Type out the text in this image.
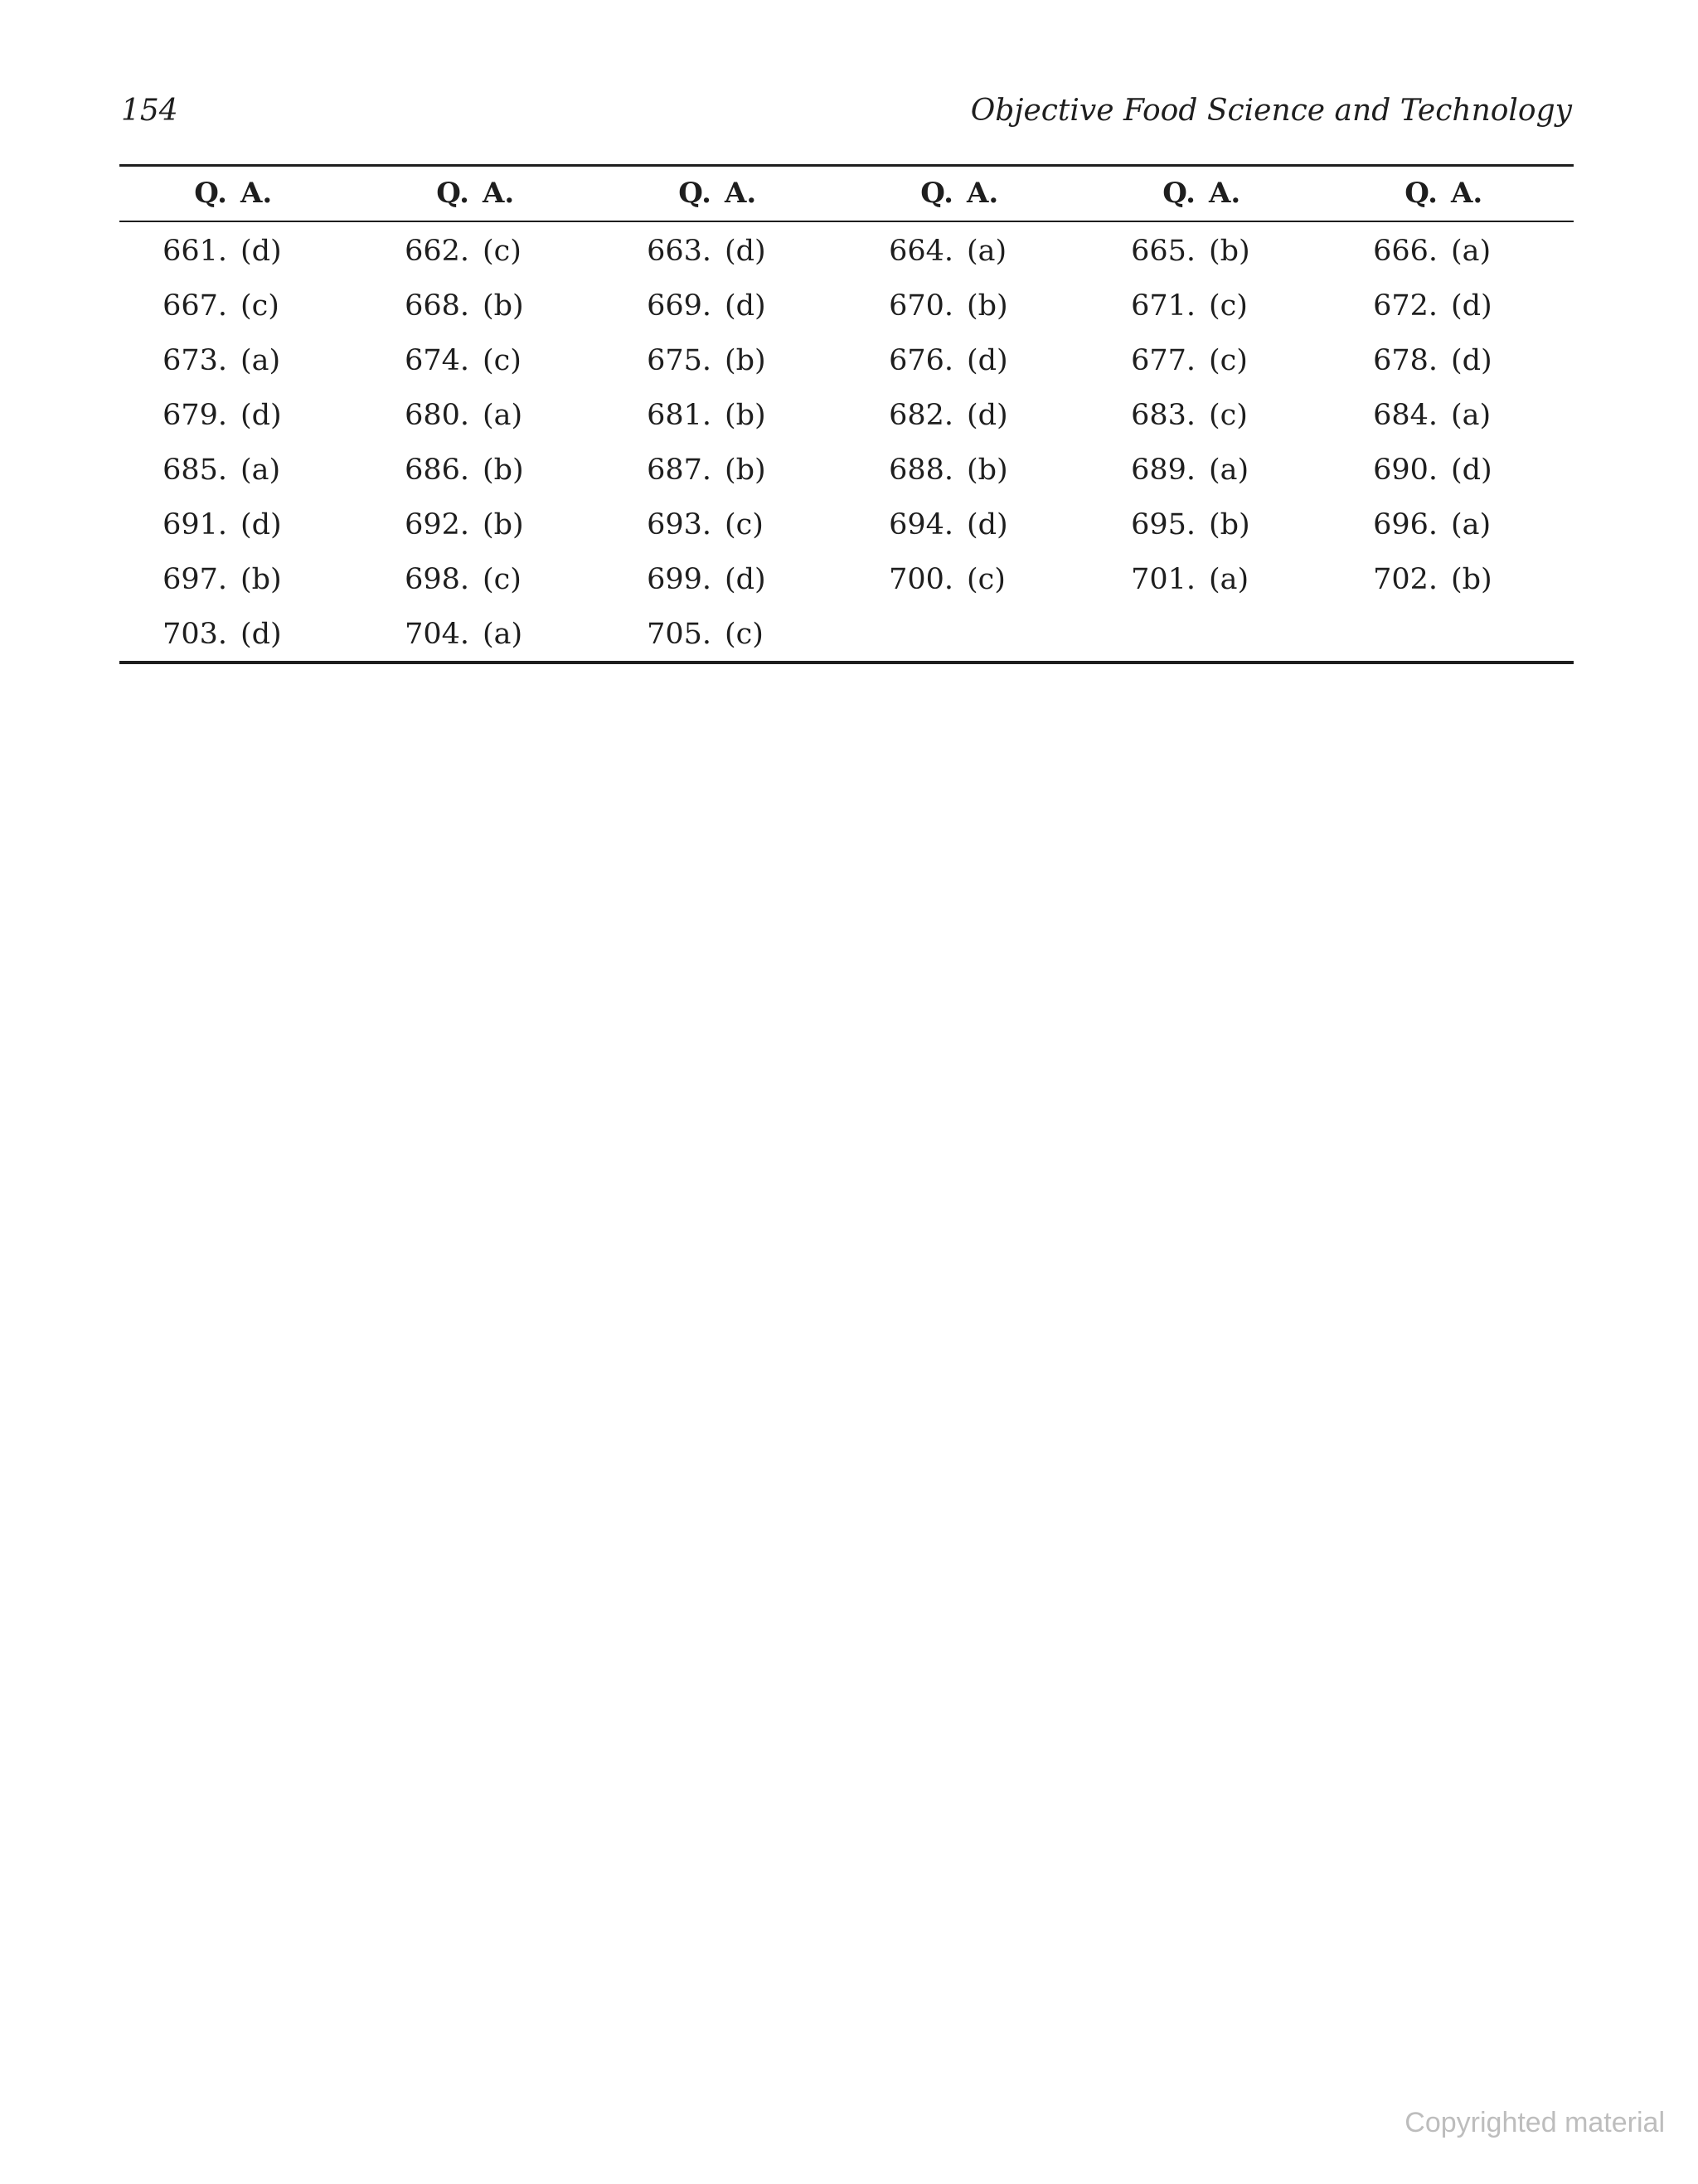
154	Objective Food Science and Technology
Q. A.	Q. A.	Q. A.	Q. A.	Q. A.	Q. A.
661. (d)	662. (c)	663. (d)	664. (a)	665. (b)	666. (a)
667. (c)	668. (b)	669. (d)	670. (b)	671. (c)	672. (d)
673. (a)	674. (c)	675. (b)	676. (d)	677. (c)	678. (d)
679. (d)	680. (a)	681. (b)	682. (d)	683. (c)	684. (a)
685. (a)	686. (b)	687. (b)	688. (b)	689. (a)	690. (d)
691. (d)	692. (b)	693. (c)	694. (d)	695. (b)	696. (a)
697. (b)	698. (c)	699. (d)	700. (c)	701. (a)	702. (b)
703. (d)	704. (a)	705. (c)
Copyrighted material
